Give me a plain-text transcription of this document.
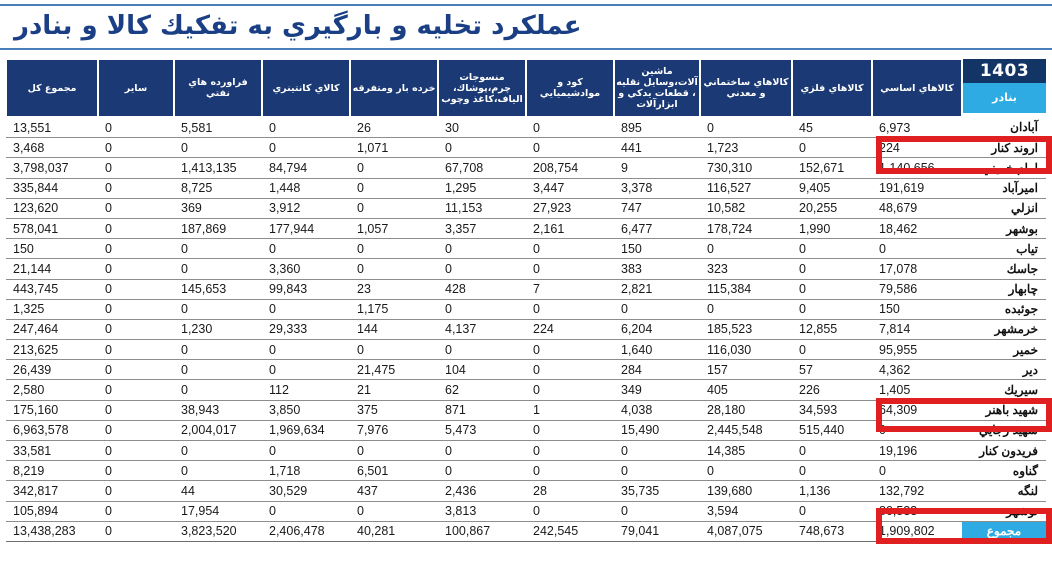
عملکرد تخليه و بارگيري به تفكيك كالا و بنادر
1403
بنادر	كالاهاي اساسي	كالاهاي فلزي	كالاهاي ساختماني و معدني	ماشين آلات،وسايل نقليه ، قطعات يدكي و ابزارآلات	كود و موادشيميايي	منسوجات چرم،پوشاك، الياف،كاغذ وچوب	خرده بار ومتفرقه	كالاي كانتينري	فراورده هاي نفتي	ساير	مجموع كل
آبادان	6,973	45	0	895	0	30	26	0	5,581	0	13,551
اروند كنار	224	0	1,723	441	0	0	1,071	0	0	0	3,468
امام خميني	1,140,656	152,671	730,310	9	208,754	67,708	0	84,794	1,413,135	0	3,798,037
اميرآباد	191,619	9,405	116,527	3,378	3,447	1,295	0	1,448	8,725	0	335,844
انزلي	48,679	20,255	10,582	747	27,923	11,153	0	3,912	369	0	123,620
بوشهر	18,462	1,990	178,724	6,477	2,161	3,357	1,057	177,944	187,869	0	578,041
تياب	0	0	0	150	0	0	0	0	0	0	150
جاسك	17,078	0	323	383	0	0	0	3,360	0	0	21,144
چابهار	79,586	0	115,384	2,821	7	428	23	99,843	145,653	0	443,745
جوئبده	150	0	0	0	0	0	1,175	0	0	0	1,325
خرمشهر	7,814	12,855	185,523	6,204	224	4,137	144	29,333	1,230	0	247,464
خمير	95,955	0	116,030	1,640	0	0	0	0	0	0	213,625
دير	4,362	57	157	284	0	104	21,475	0	0	0	26,439
سيريك	1,405	226	405	349	0	62	21	112	0	0	2,580
شهيد باهنر	64,309	34,593	28,180	4,038	1	871	375	3,850	38,943	0	175,160
شهيد رجايي	0	515,440	2,445,548	15,490	0	5,473	7,976	1,969,634	2,004,017	0	6,963,578
فريدون كنار	19,196	0	14,385	0	0	0	0	0	0	0	33,581
گناوه	0	0	0	0	0	0	6,501	1,718	0	0	8,219
لنگه	132,792	1,136	139,680	35,735	28	2,436	437	30,529	44	0	342,817
نوشهر	80,533	0	3,594	0	0	3,813	0	0	17,954	0	105,894
مجموع	1,909,802	748,673	4,087,075	79,041	242,545	100,867	40,281	2,406,478	3,823,520	0	13,438,283
